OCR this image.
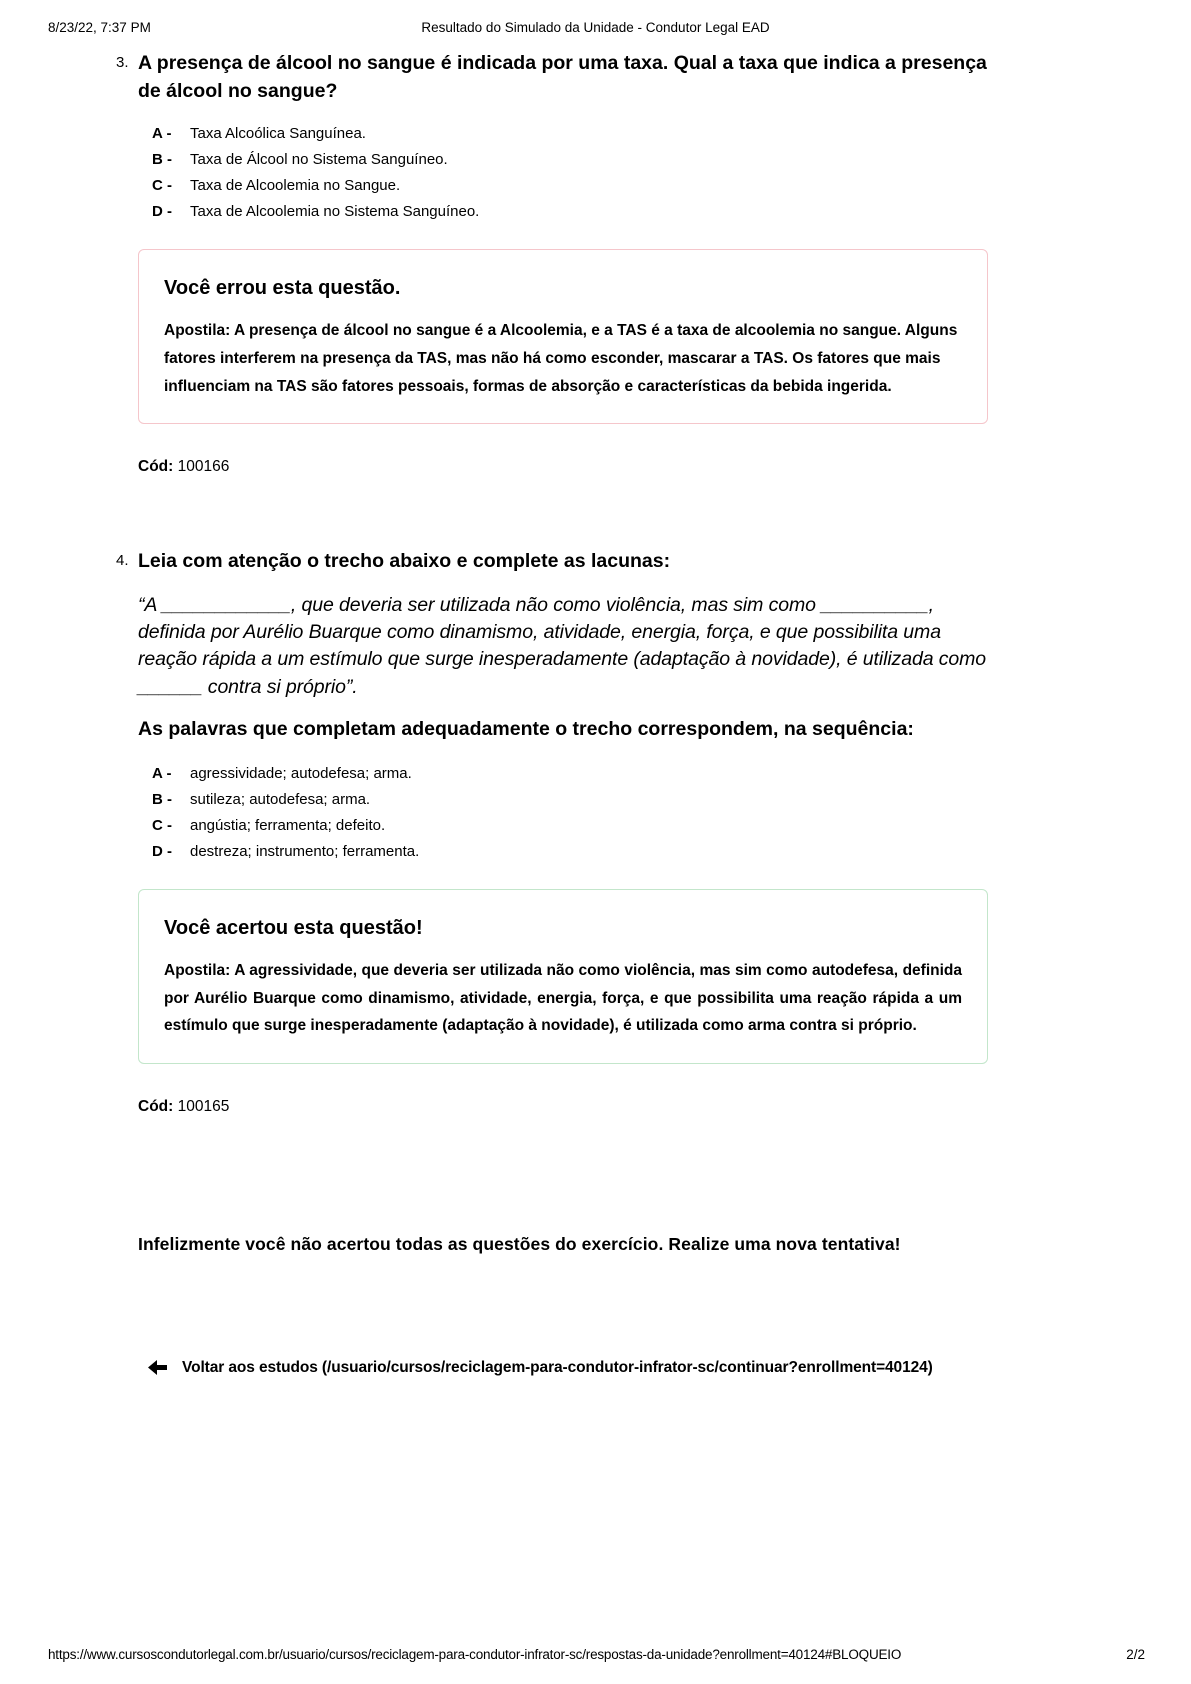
8/23/22, 7:37 PM	Resultado do Simulado da Unidade - Condutor Legal EAD
3. A presença de álcool no sangue é indicada por uma taxa. Qual a taxa que indica a presença de álcool no sangue?
A -	Taxa Alcoólica Sanguínea.
B -	Taxa de Álcool no Sistema Sanguíneo.
C -	Taxa de Alcoolemia no Sangue.
D -	Taxa de Alcoolemia no Sistema Sanguíneo.
Você errou esta questão.
Apostila: A presença de álcool no sangue é a Alcoolemia, e a TAS é a taxa de alcoolemia no sangue. Alguns fatores interferem na presença da TAS, mas não há como esconder, mascarar a TAS. Os fatores que mais influenciam na TAS são fatores pessoais, formas de absorção e características da bebida ingerida.
Cód: 100166
4. Leia com atenção o trecho abaixo e complete as lacunas:
“A ____________, que deveria ser utilizada não como violência, mas sim como __________, definida por Aurélio Buarque como dinamismo, atividade, energia, força, e que possibilita uma reação rápida a um estímulo que surge inesperadamente (adaptação à novidade), é utilizada como ______ contra si próprio”.
As palavras que completam adequadamente o trecho correspondem, na sequência:
A -	agressividade; autodefesa; arma.
B -	sutileza; autodefesa; arma.
C -	angústia; ferramenta; defeito.
D -	destreza; instrumento; ferramenta.
Você acertou esta questão!
Apostila: A agressividade, que deveria ser utilizada não como violência, mas sim como autodefesa, definida por Aurélio Buarque como dinamismo, atividade, energia, força, e que possibilita uma reação rápida a um estímulo que surge inesperadamente (adaptação à novidade), é utilizada como arma contra si próprio.
Cód: 100165
Infelizmente você não acertou todas as questões do exercício. Realize uma nova tentativa!
Voltar aos estudos (/usuario/cursos/reciclagem-para-condutor-infrator-sc/continuar?enrollment=40124)
https://www.cursoscondutorlegal.com.br/usuario/cursos/reciclagem-para-condutor-infrator-sc/respostas-da-unidade?enrollment=40124#BLOQUEIO	2/2
